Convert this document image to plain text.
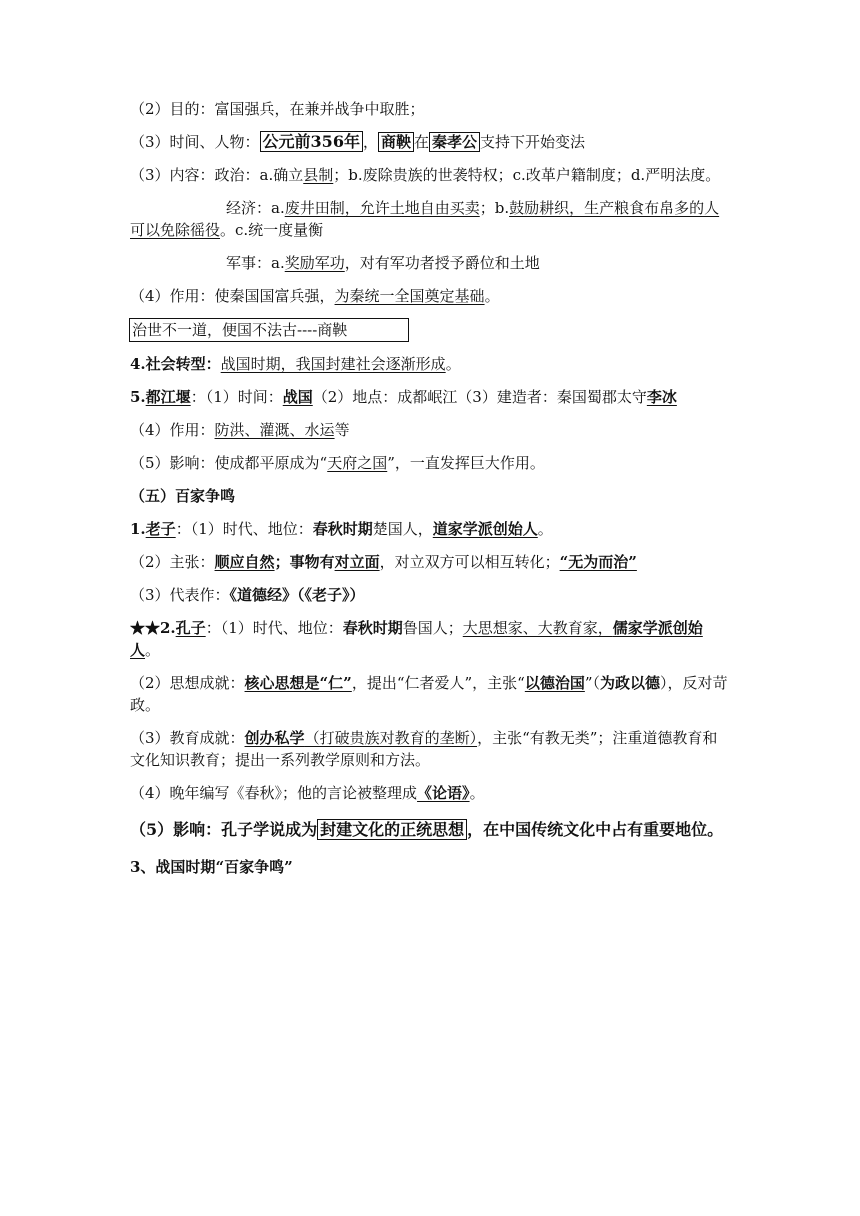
（2）目的：富国强兵，在兼并战争中取胜；

（3）时间、人物： 公元前356年 ， 商鞅 在 秦孝公 支持下开始变法

（3）内容：政治：a.确立县制；b.废除贵族的世袭特权；c.改革户籍制度；d.严明法度。

经济：a.废井田制，允许土地自由买卖；b.鼓励耕织，生产粮食布帛多的人可以免除徭役。c.统一度量衡

军事：a.奖励军功，对有军功者授予爵位和土地

（4）作用：使秦国国富兵强，为秦统一全国奠定基础。

治世不一道，便国不法古----商鞅

4.社会转型：战国时期，我国封建社会逐渐形成。

5.都江堰：（1）时间：战国（2）地点：成都岷江（3）建造者：秦国蜀郡太守李冰

（4）作用：防洪、灌溉、水运等

（5）影响：使成都平原成为“天府之国”，一直发挥巨大作用。

（五）百家争鸣

1.老子：（1）时代、地位：春秋时期楚国人，道家学派创始人。

（2）主张：顺应自然；事物有对立面，对立双方可以相互转化；“无为而治”

（3）代表作：《道德经》（《老子》）

★★2.孔子：（1）时代、地位：春秋时期鲁国人；大思想家、大教育家，儒家学派创始人。

（2）思想成就：核心思想是“仁”，提出“仁者爱人”，主张“以德治国”（为政以德），反对苛政。

（3）教育成就：创办私学（打破贵族对教育的垄断），主张“有教无类”；注重道德教育和文化知识教育；提出一系列教学原则和方法。

（4）晚年编写《春秋》；他的言论被整理成《论语》。

（5）影响：孔子学说成为 封建文化的正统思想 ，在中国传统文化中占有重要地位。

3、战国时期“百家争鸣”
